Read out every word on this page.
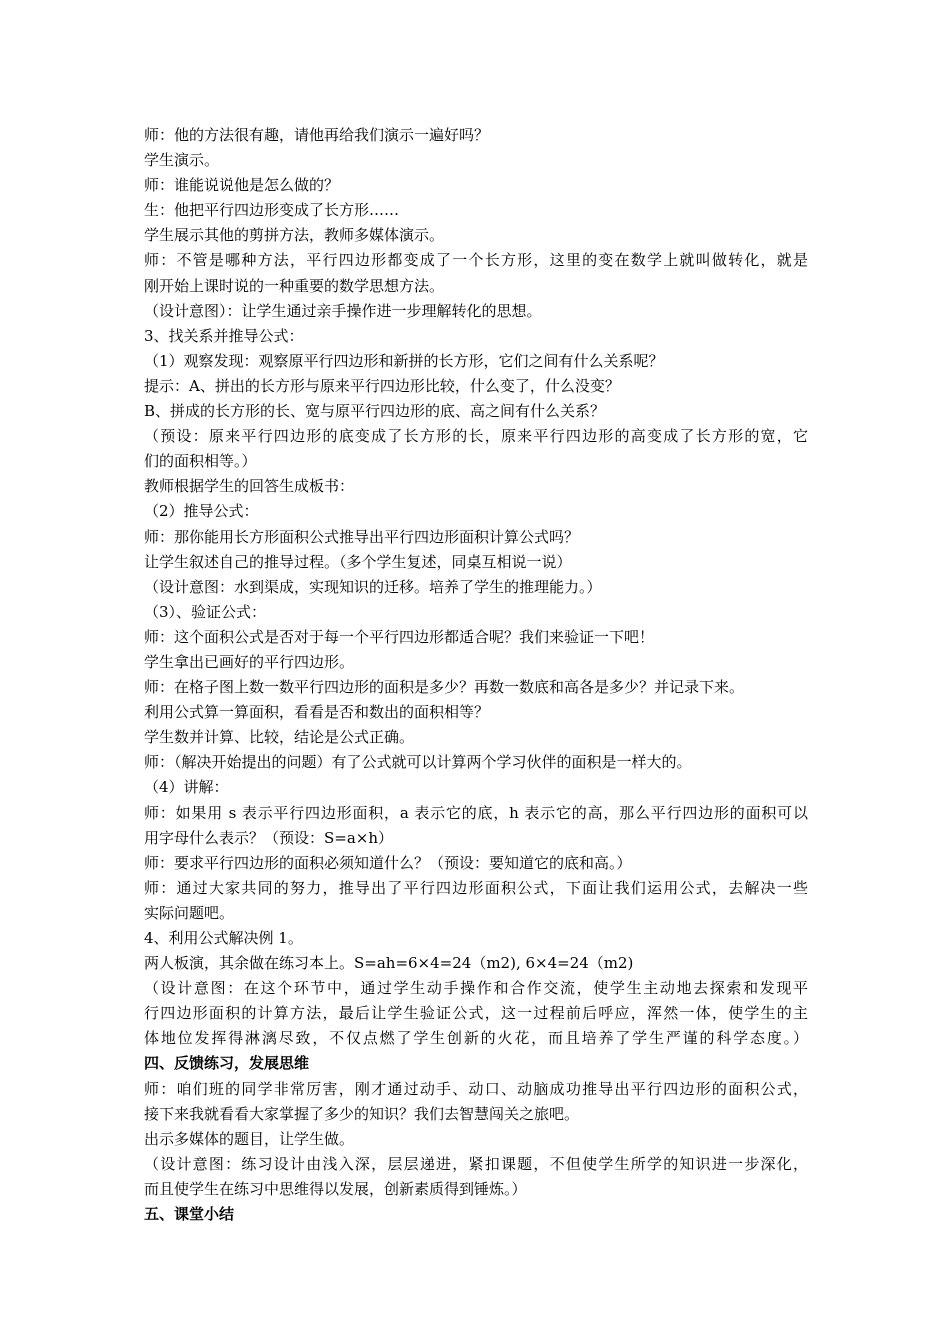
师：他的方法很有趣，请他再给我们演示一遍好吗？
学生演示。
师：谁能说说他是怎么做的？
生：他把平行四边形变成了长方形……
学生展示其他的剪拼方法，教师多媒体演示。
师：不管是哪种方法，平行四边形都变成了一个长方形，这里的变在数学上就叫做转化，就是
刚开始上课时说的一种重要的数学思想方法。
（设计意图）：让学生通过亲手操作进一步理解转化的思想。
3、找关系并推导公式：
（1）观察发现：观察原平行四边形和新拼的长方形，它们之间有什么关系呢？
提示：A、拼出的长方形与原来平行四边形比较，什么变了，什么没变？
B、拼成的长方形的长、宽与原平行四边形的底、高之间有什么关系？
（预设：原来平行四边形的底变成了长方形的长，原来平行四边形的高变成了长方形的宽，它
们的面积相等。）
教师根据学生的回答生成板书：
（2）推导公式：
师：那你能用长方形面积公式推导出平行四边形面积计算公式吗？
让学生叙述自己的推导过程。（多个学生复述，同桌互相说一说）
（设计意图：水到渠成，实现知识的迁移。培养了学生的推理能力。）
（3）、验证公式：
师：这个面积公式是否对于每一个平行四边形都适合呢？我们来验证一下吧！
学生拿出已画好的平行四边形。
师：在格子图上数一数平行四边形的面积是多少？再数一数底和高各是多少？并记录下来。
利用公式算一算面积，看看是否和数出的面积相等？
学生数并计算、比较，结论是公式正确。
师：（解决开始提出的问题）有了公式就可以计算两个学习伙伴的面积是一样大的。
（4）讲解：
师：如果用 s 表示平行四边形面积，a 表示它的底，h 表示它的高，那么平行四边形的面积可以
用字母什么表示？（预设：S=a×h）
师：要求平行四边形的面积必须知道什么？（预设：要知道它的底和高。）
师：通过大家共同的努力，推导出了平行四边形面积公式，下面让我们运用公式，去解决一些
实际问题吧。
4、利用公式解决例 1。
两人板演，其余做在练习本上。S=ah=6×4=24（m2), 6×4=24（m2)
（设计意图：在这个环节中，通过学生动手操作和合作交流，使学生主动地去探索和发现平
行四边形面积的计算方法，最后让学生验证公式，这一过程前后呼应，浑然一体，使学生的主
体地位发挥得淋漓尽致，不仅点燃了学生创新的火花，而且培养了学生严谨的科学态度。）
四、反馈练习，发展思维
师：咱们班的同学非常厉害，刚才通过动手、动口、动脑成功推导出平行四边形的面积公式，
接下来我就看看大家掌握了多少的知识？我们去智慧闯关之旅吧。
出示多媒体的题目，让学生做。
（设计意图：练习设计由浅入深，层层递进，紧扣课题，不但使学生所学的知识进一步深化，
而且使学生在练习中思维得以发展，创新素质得到锤炼。）
五、课堂小结
